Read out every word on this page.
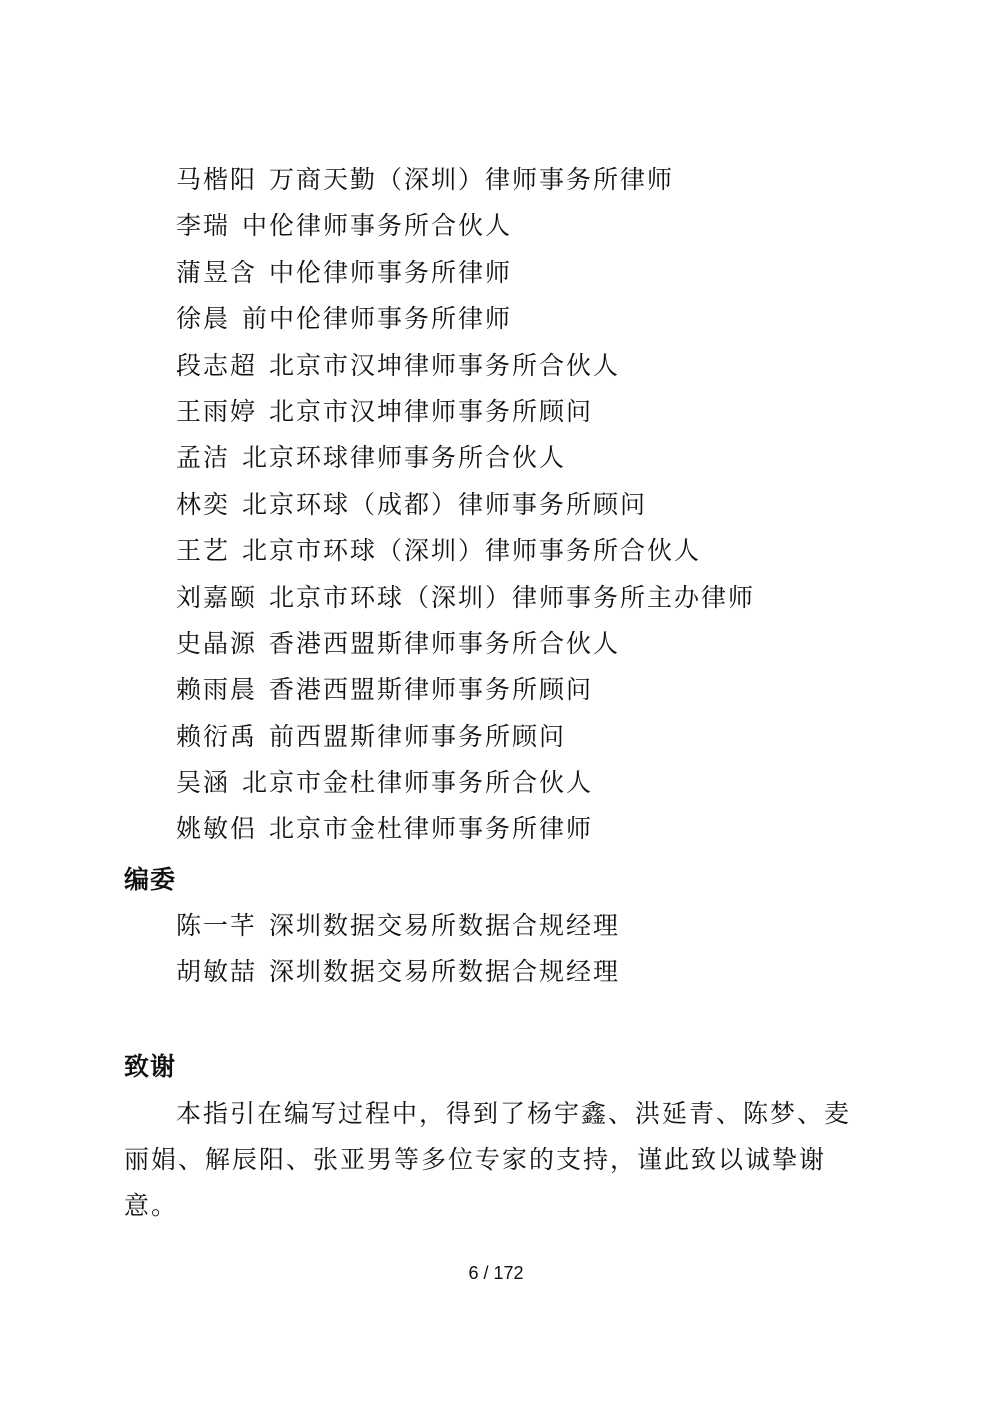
马楷阳 万商天勤（深圳）律师事务所律师
李瑞 中伦律师事务所合伙人
蒲昱含 中伦律师事务所律师
徐晨 前中伦律师事务所律师
段志超 北京市汉坤律师事务所合伙人
王雨婷 北京市汉坤律师事务所顾问
孟洁 北京环球律师事务所合伙人
林奕 北京环球（成都）律师事务所顾问
王艺 北京市环球（深圳）律师事务所合伙人
刘嘉颐 北京市环球（深圳）律师事务所主办律师
史晶源 香港西盟斯律师事务所合伙人
赖雨晨 香港西盟斯律师事务所顾问
赖衍禹 前西盟斯律师事务所顾问
吴涵 北京市金杜律师事务所合伙人
姚敏侣 北京市金杜律师事务所律师
编委
陈一芊 深圳数据交易所数据合规经理
胡敏喆 深圳数据交易所数据合规经理
致谢

本指引在编写过程中，得到了杨宇鑫、洪延青、陈梦、麦丽娟、解辰阳、张亚男等多位专家的支持，谨此致以诚挚谢意。

6 / 172
